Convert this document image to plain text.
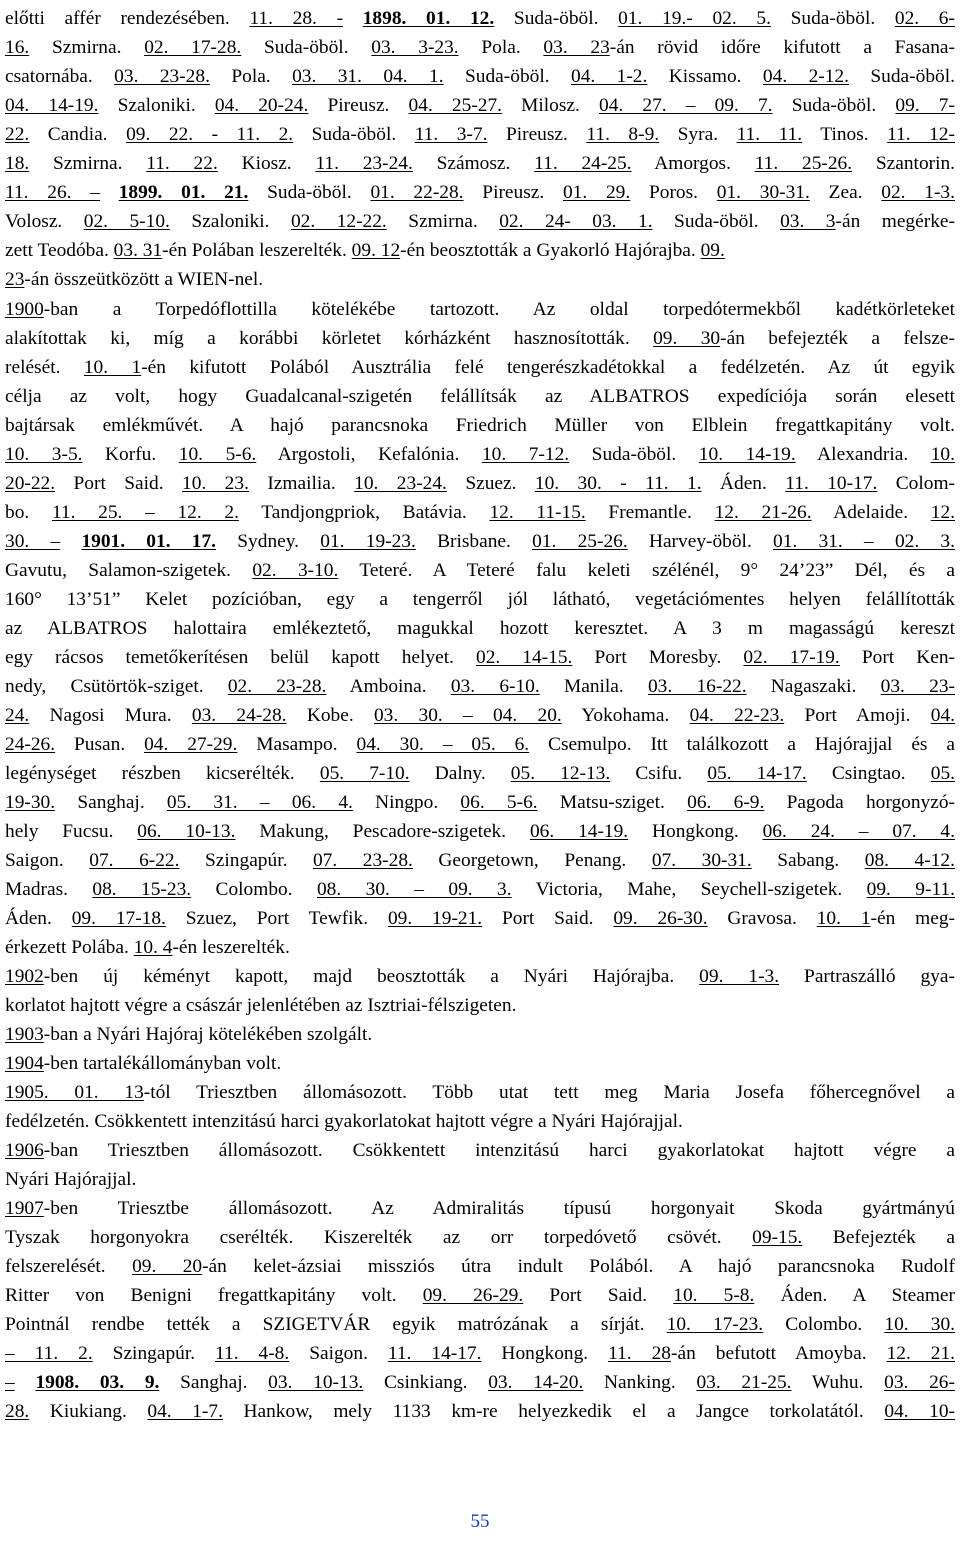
előtti affér rendezésében. 11. 28. - 1898. 01. 12. Suda-öböl. 01. 19.- 02. 5. Suda-öböl. 02. 6-
16. Szmirna. 02. 17-28. Suda-öböl. 03. 3-23. Pola. 03. 23-án rövid időre kifutott a Fasana-
csatornába. 03. 23-28. Pola. 03. 31. 04. 1. Suda-öböl. 04. 1-2. Kissamo. 04. 2-12. Suda-öböl.
04. 14-19. Szaloniki. 04. 20-24. Pireusz. 04. 25-27. Milosz. 04. 27. – 09. 7. Suda-öböl. 09. 7-
22. Candia. 09. 22. - 11. 2. Suda-öböl. 11. 3-7. Pireusz. 11. 8-9. Syra. 11. 11. Tinos. 11. 12-
18. Szmirna. 11. 22. Kiosz. 11. 23-24. Számosz. 11. 24-25. Amorgos. 11. 25-26. Szantorin.
11. 26. – 1899. 01. 21. Suda-öböl. 01. 22-28. Pireusz. 01. 29. Poros. 01. 30-31. Zea. 02. 1-3.
Volosz. 02. 5-10. Szaloniki. 02. 12-22. Szmirna. 02. 24- 03. 1. Suda-öböl. 03. 3-án megérke-
zett Teodóba. 03. 31-én Polában leszerelték. 09. 12-én beosztották a Gyakorló Hajórajba. 09.
23-án összeütközött a WIEN-nel.
1900-ban a Torpedóflottilla kötelékébe tartozott. Az oldal torpedótermekből kadétkörleteket
alakítottak ki, míg a korábbi körletet kórházként hasznosították. 09. 30-án befejezték a felsze-
relését. 10. 1-én kifutott Polából Ausztrália felé tengerészkadétokkal a fedélzetén. Az út egyik
célja az volt, hogy Guadalcanal-szigetén felállítsák az ALBATROS expedíciója során elesett
bajtársak emlékművét. A hajó parancsnoka Friedrich Müller von Elblein fregattkapitány volt.
10. 3-5. Korfu. 10. 5-6. Argostoli, Kefalónia. 10. 7-12. Suda-öböl. 10. 14-19. Alexandria. 10.
20-22. Port Said. 10. 23. Izmailia. 10. 23-24. Szuez. 10. 30. - 11. 1. Áden. 11. 10-17. Colom-
bo. 11. 25. – 12. 2. Tandjongpriok, Batávia. 12. 11-15. Fremantle. 12. 21-26. Adelaide. 12.
30. – 1901. 01. 17. Sydney. 01. 19-23. Brisbane. 01. 25-26. Harvey-öböl. 01. 31. – 02. 3.
Gavutu, Salamon-szigetek. 02. 3-10. Teteré. A Teteré falu keleti szélénél, 9° 24’23” Dél, és a
160° 13’51” Kelet pozícióban, egy a tengerről jól látható, vegetációmentes helyen felállították
az ALBATROS halottaira emlékeztető, magukkal hozott keresztet. A 3 m magasságú kereszt
egy rácsos temetőkerítésen belül kapott helyet. 02. 14-15. Port Moresby. 02. 17-19. Port Ken-
nedy, Csütörtök-sziget. 02. 23-28. Amboina. 03. 6-10. Manila. 03. 16-22. Nagaszaki. 03. 23-
24. Nagosi Mura. 03. 24-28. Kobe. 03. 30. – 04. 20. Yokohama. 04. 22-23. Port Amoji. 04.
24-26. Pusan. 04. 27-29. Masampo. 04. 30. – 05. 6. Csemulpo. Itt találkozott a Hajórajjal és a
legénységet részben kicserélték. 05. 7-10. Dalny. 05. 12-13. Csifu. 05. 14-17. Csingtao. 05.
19-30. Sanghaj. 05. 31. – 06. 4. Ningpo. 06. 5-6. Matsu-sziget. 06. 6-9. Pagoda horgonyzó-
hely Fucsu. 06. 10-13. Makung, Pescadore-szigetek. 06. 14-19. Hongkong. 06. 24. – 07. 4.
Saigon. 07. 6-22. Szingapúr. 07. 23-28. Georgetown, Penang. 07. 30-31. Sabang. 08. 4-12.
Madras. 08. 15-23. Colombo. 08. 30. – 09. 3. Victoria, Mahe, Seychell-szigetek. 09. 9-11.
Áden. 09. 17-18. Szuez, Port Tewfik. 09. 19-21. Port Said. 09. 26-30. Gravosa. 10. 1-én meg-
érkezett Polába. 10. 4-én leszerelték.
1902-ben új kéményt kapott, majd beosztották a Nyári Hajórajba. 09. 1-3. Partraszálló gya-
korlatot hajtott végre a császár jelenlétében az Isztriai-félszigeten.
1903-ban a Nyári Hajóraj kötelékében szolgált.
1904-ben tartalékállományban volt.
1905. 01. 13-tól Triesztben állomásozott. Több utat tett meg Maria Josefa főhercegnővel a
fedélzetén. Csökkentett intenzitású harci gyakorlatokat hajtott végre a Nyári Hajórajjal.
1906-ban Triesztben állomásozott. Csökkentett intenzitású harci gyakorlatokat hajtott végre a
Nyári Hajórajjal.
1907-ben Triesztbe állomásozott. Az Admiralitás típusú horgonyait Skoda gyártmányú
Tyszak horgonyokra cserélték. Kiszerelték az orr torpedóvető csövét. 09-15. Befejezték a
felszerelését. 09. 20-án kelet-ázsiai missziós útra indult Polából. A hajó parancsnoka Rudolf
Ritter von Benigni fregattkapitány volt. 09. 26-29. Port Said. 10. 5-8. Áden. A Steamer
Pointnál rendbe tették a SZIGETVÁR egyik matrózának a sírját. 10. 17-23. Colombo. 10. 30.
– 11. 2. Szingapúr. 11. 4-8. Saigon. 11. 14-17. Hongkong. 11. 28-án befutott Amoyba. 12. 21.
– 1908. 03. 9. Sanghaj. 03. 10-13. Csinkiang. 03. 14-20. Nanking. 03. 21-25. Wuhu. 03. 26-
28. Kiukiang. 04. 1-7. Hankow, mely 1133 km-re helyezkedik el a Jangce torkolatától. 04. 10-
55
